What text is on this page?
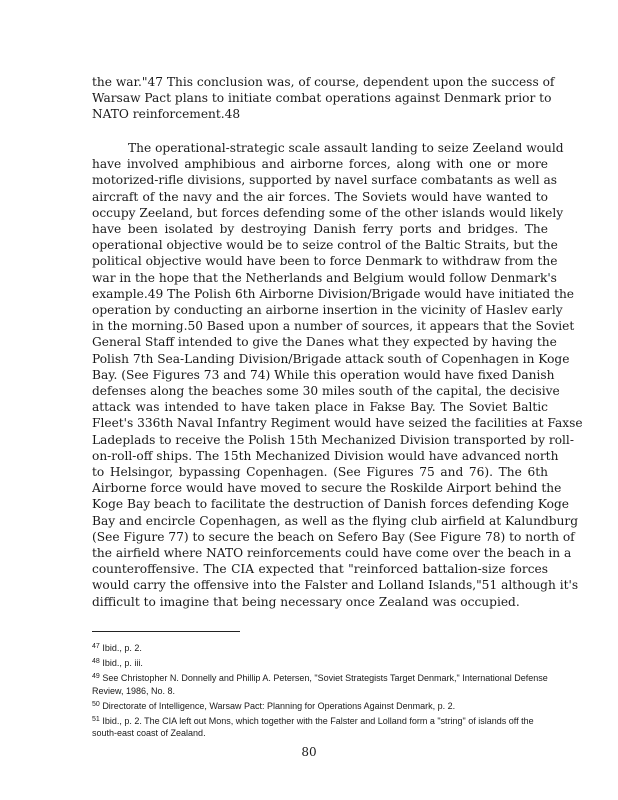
the war."47 This conclusion was, of course, dependent upon the success of
Warsaw Pact plans to initiate combat operations against Denmark prior to
NATO reinforcement.48
The operational-strategic scale assault landing to seize Zeeland would
have involved amphibious and airborne forces, along with one or more
motorized-rifle divisions, supported by navel surface combatants as well as
aircraft of the navy and the air forces. The Soviets would have wanted to
occupy Zeeland, but forces defending some of the other islands would likely
have been isolated by destroying Danish ferry ports and bridges. The
operational objective would be to seize control of the Baltic Straits, but the
political objective would have been to force Denmark to withdraw from the
war in the hope that the Netherlands and Belgium would follow Denmark's
example.49 The Polish 6th Airborne Division/Brigade would have initiated the
operation by conducting an airborne insertion in the vicinity of Haslev early
in the morning.50 Based upon a number of sources, it appears that the Soviet
General Staff intended to give the Danes what they expected by having the
Polish 7th Sea-Landing Division/Brigade attack south of Copenhagen in Koge
Bay. (See Figures 73 and 74) While this operation would have fixed Danish
defenses along the beaches some 30 miles south of the capital, the decisive
attack was intended to have taken place in Fakse Bay. The Soviet Baltic
Fleet's 336th Naval Infantry Regiment would have seized the facilities at Faxse
Ladeplads to receive the Polish 15th Mechanized Division transported by roll-
on-roll-off ships. The 15th Mechanized Division would have advanced north
to Helsingor, bypassing Copenhagen. (See Figures 75 and 76). The 6th
Airborne force would have moved to secure the Roskilde Airport behind the
Koge Bay beach to facilitate the destruction of Danish forces defending Koge
Bay and encircle Copenhagen, as well as the flying club airfield at Kalundburg
(See Figure 77) to secure the beach on Sefero Bay (See Figure 78) to north of
the airfield where NATO reinforcements could have come over the beach in a
counteroffensive. The CIA expected that "reinforced battalion-size forces
would carry the offensive into the Falster and Lolland Islands,"51 although it's
difficult to imagine that being necessary once Zealand was occupied.
$^{47}$ Ibid., p. 2.
$^{48}$ Ibid., p. iii.
$^{49}$ See Christopher N. Donnelly and Phillip A. Petersen, "Soviet Strategists Target Denmark," International Defense Review, 1986, No. 8.
$^{50}$ Directorate of Intelligence, Warsaw Pact: Planning for Operations Against Denmark, p. 2.
$^{51}$ Ibid., p. 2. The CIA left out Mons, which together with the Falster and Lolland form a "string" of islands off the south-east coast of Zealand.
80
